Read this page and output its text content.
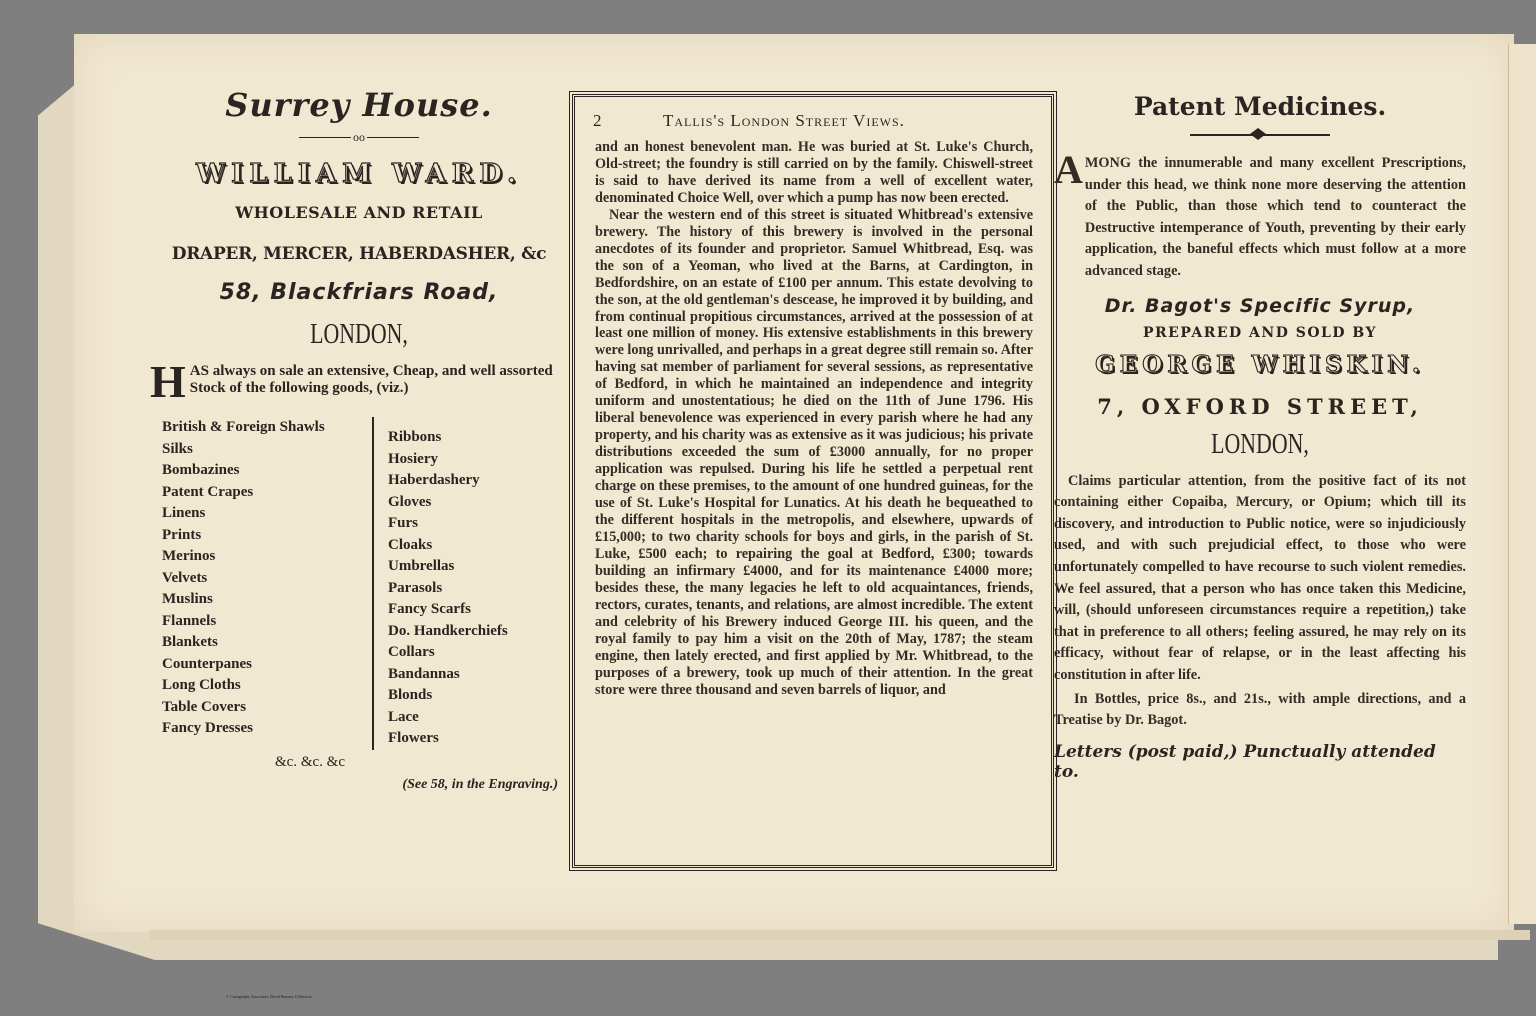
Surrey House.
oo
WILLIAM WARD.
WHOLESALE AND RETAIL
DRAPER, MERCER, HABERDASHER, &c
58, Blackfriars Road,
LONDON,
H AS always on sale an extensive, Cheap, and well assorted Stock of the following goods, (viz.)
British & Foreign Shawls
Silks
Bombazines
Patent Crapes
Linens
Prints
Merinos
Velvets
Muslins
Flannels
Blankets
Counterpanes
Long Cloths
Table Covers
Fancy Dresses
Ribbons
Hosiery
Haberdashery
Gloves
Furs
Cloaks
Umbrellas
Parasols
Fancy Scarfs
Do. Handkerchiefs
Collars
Bandannas
Blonds
Lace
Flowers
&c. &c. &c
(See 58, in the Engraving.)
2	Tallis's London Street Views.

and an honest benevolent man. He was buried at St. Luke's Church, Old-street; the foundry is still carried on by the family. Chiswell-street is said to have derived its name from a well of excellent water, denominated Choice Well, over which a pump has now been erected.

Near the western end of this street is situated Whitbread's extensive brewery. The history of this brewery is involved in the personal anecdotes of its founder and proprietor. Samuel Whitbread, Esq. was the son of a Yeoman, who lived at the Barns, at Cardington, in Bedfordshire, on an estate of £100 per annum. This estate devolving to the son, at the old gentleman's descease, he improved it by building, and from continual propitious circumstances, arrived at the possession of at least one million of money. His extensive establishments in this brewery were long unrivalled, and perhaps in a great degree still remain so. After having sat member of parliament for several sessions, as representative of Bedford, in which he maintained an independence and integrity uniform and unostentatious; he died on the 11th of June 1796. His liberal benevolence was experienced in every parish where he had any property, and his charity was as extensive as it was judicious; his private distributions exceeded the sum of £3000 annually, for no proper application was repulsed. During his life he settled a perpetual rent charge on these premises, to the amount of one hundred guineas, for the use of St. Luke's Hospital for Lunatics. At his death he bequeathed to the different hospitals in the metropolis, and elsewhere, upwards of £15,000; to two charity schools for boys and girls, in the parish of St. Luke, £500 each; to repairing the goal at Bedford, £300; towards building an infirmary £4000, and for its maintenance £4000 more; besides these, the many legacies he left to old acquaintances, friends, rectors, curates, tenants, and relations, are almost incredible. The extent and celebrity of his Brewery induced George III. his queen, and the royal family to pay him a visit on the 20th of May, 1787; the steam engine, then lately erected, and first applied by Mr. Whitbread, to the purposes of a brewery, took up much of their attention. In the great store were three thousand and seven barrels of liquor, and

Patent Medicines.
A MONG the innumerable and many excellent Prescriptions, under this head, we think none more deserving the attention of the Public, than those which tend to counteract the Destructive intemperance of Youth, preventing by their early application, the baneful effects which must follow at a more advanced stage.
Dr. Bagot's Specific Syrup,
PREPARED AND SOLD BY
GEORGE WHISKIN.
7, OXFORD STREET,
LONDON,
Claims particular attention, from the positive fact of its not containing either Copaiba, Mercury, or Opium; which till its discovery, and introduction to Public notice, were so injudiciously used, and with such prejudicial effect, to those who were unfortunately compelled to have recourse to such violent remedies. We feel assured, that a person who has once taken this Medicine, will, (should unforeseen circumstances require a repetition,) take that in preference to all others; feeling assured, he may rely on its efficacy, without fear of relapse, or in the least affecting his constitution in after life.
In Bottles, price 8s., and 21s., with ample directions, and a Treatise by Dr. Bagot.
Letters (post paid,) Punctually attended to.
© Cartography Associates, David Rumsey Collection
